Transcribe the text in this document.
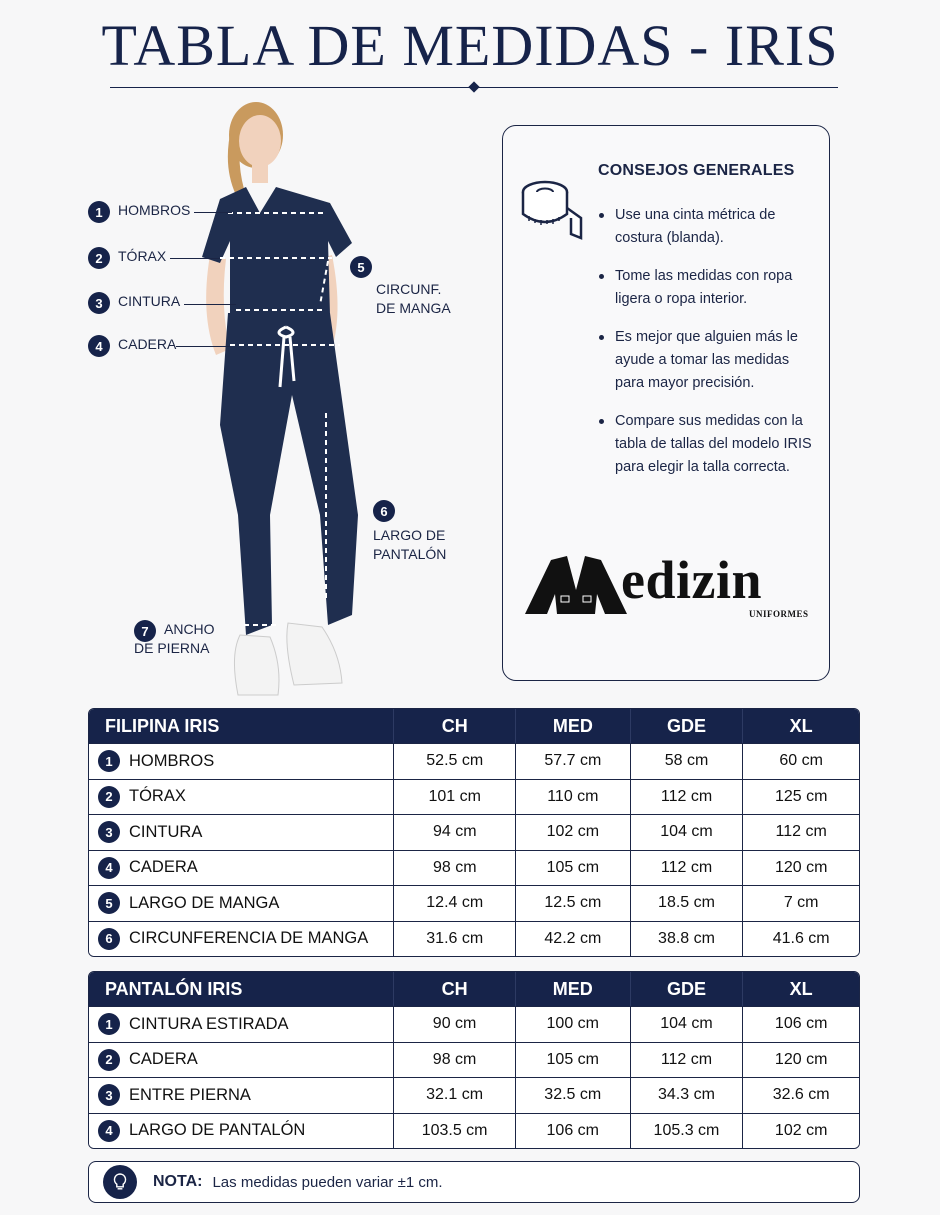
TABLA DE MEDIDAS - IRIS
1	HOMBROS
2	TÓRAX
3	CINTURA
4	CADERA
5
CIRCUNF.
DE MANGA
6
LARGO DE
PANTALÓN
7	ANCHO
DE PIERNA
CONSEJOS GENERALES
Use una cinta métrica de costura (blanda).
Tome las medidas con ropa ligera o ropa interior.
Es mejor que alguien más le ayude a tomar las medidas para mayor precisión.
Compare sus medidas con la tabla de tallas del modelo IRIS para elegir la talla correcta.
edizin
UNIFORMES
FILIPINA IRIS	CH	MED	GDE	XL

1 HOMBROS	52.5 cm	57.7 cm	58 cm	60 cm

2 TÓRAX	101 cm	110 cm	112 cm	125 cm

3 CINTURA	94 cm	102 cm	104 cm	112 cm

4 CADERA	98 cm	105 cm	112 cm	120 cm

5 LARGO DE MANGA	12.4 cm	12.5 cm	18.5 cm	7 cm

6 CIRCUNFERENCIA DE MANGA	31.6 cm	42.2 cm	38.8 cm	41.6 cm
PANTALÓN IRIS	CH	MED	GDE	XL

1 CINTURA ESTIRADA	90 cm	100 cm	104 cm	106 cm

2 CADERA	98 cm	105 cm	112 cm	120 cm

3 ENTRE PIERNA	32.1 cm	32.5 cm	34.3 cm	32.6 cm

4 LARGO DE PANTALÓN	103.5 cm	106 cm	105.3 cm	102 cm
NOTA: Las medidas pueden variar ±1 cm.
